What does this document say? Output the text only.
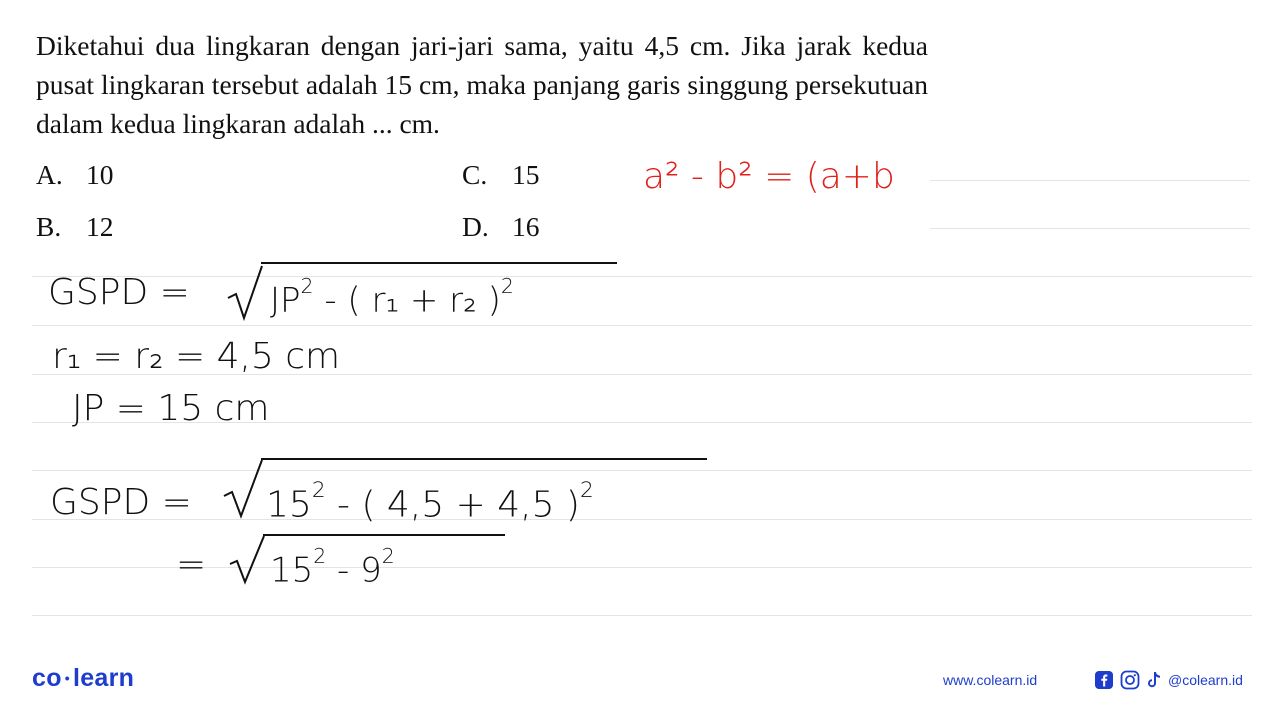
Diketahui dua lingkaran dengan jari-jari sama, yaitu 4,5 cm. Jika jarak kedua pusat lingkaran tersebut adalah 15 cm, maka panjang garis singgung persekutuan dalam kedua lingkaran adalah ... cm.
A. 10
B. 12
C. 15
D. 16
a² - b² = (a+b
GSPD = $JP^2$ - ( r₁ + r₂ )$^2$
r₁ = r₂ = 4,5 cm
JP = 15 cm
GSPD = $15^2$ - ( 4,5 + 4,5 )$^2$
= $15^2 - 9^2$
co • learn	www.colearn.id	@colearn.id
